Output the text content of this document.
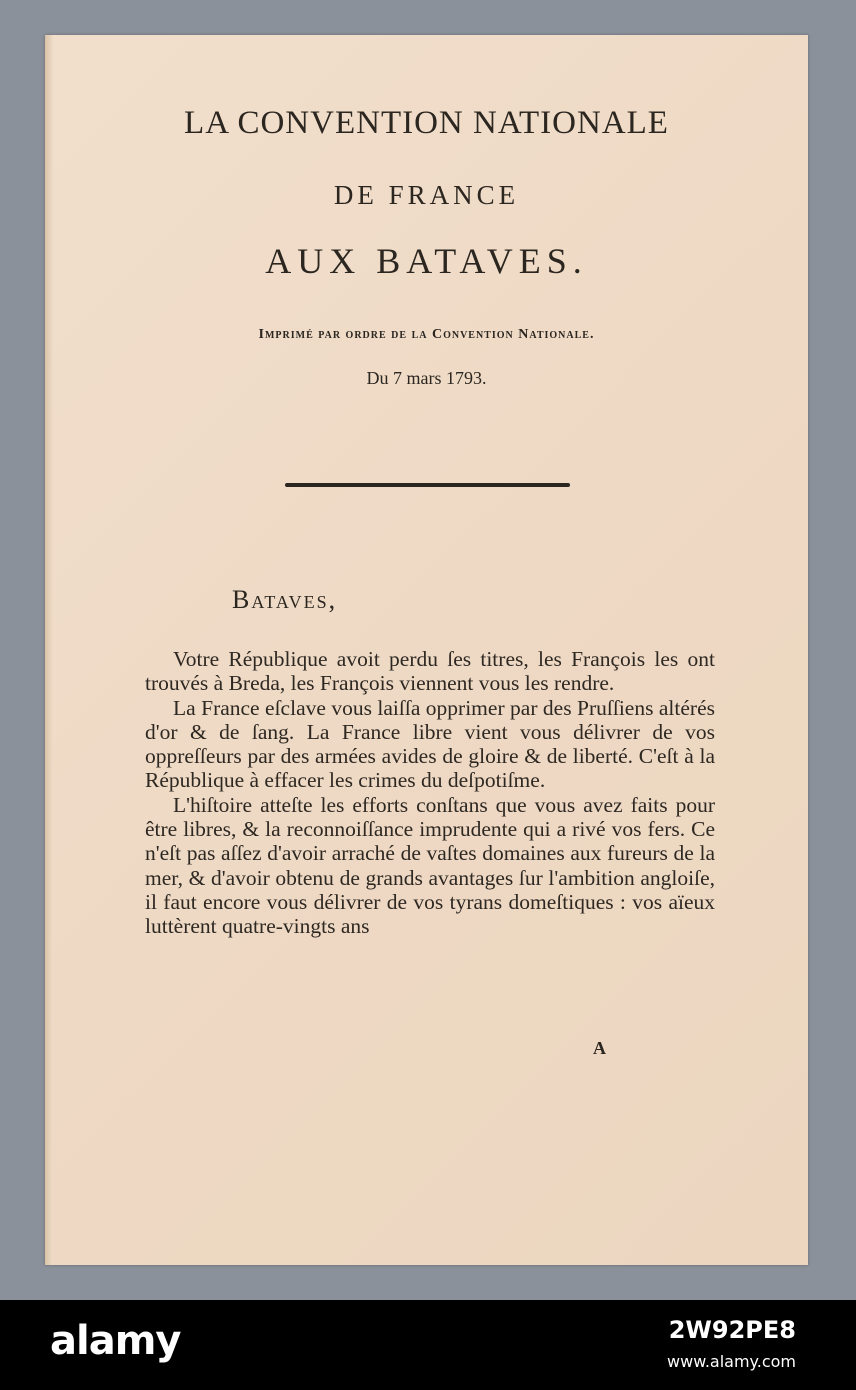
LA CONVENTION NATIONALE
DE FRANCE
AUX BATAVES.
Imprimé par ordre de la Convention Nationale.
Du 7 mars 1793.
Bataves,

Votre République avoit perdu ſes titres, les François les ont trouvés à Breda, les François viennent vous les rendre.

La France eſclave vous laiſſa opprimer par des Pruſſiens altérés d'or & de ſang. La France libre vient vous délivrer de vos oppreſſeurs par des armées avides de gloire & de liberté. C'eſt à la République à effacer les crimes du deſpotiſme.

L'hiſtoire atteſte les efforts conſtans que vous avez faits pour être libres, & la reconnoiſſance imprudente qui a rivé vos fers. Ce n'eſt pas aſſez d'avoir arraché de vaſtes domaines aux fureurs de la mer, & d'avoir obtenu de grands avantages ſur l'ambition angloiſe, il faut encore vous délivrer de vos tyrans domeſtiques : vos aïeux luttèrent quatre-vingts ans

A
alamy	2W92PE8
www.alamy.com
